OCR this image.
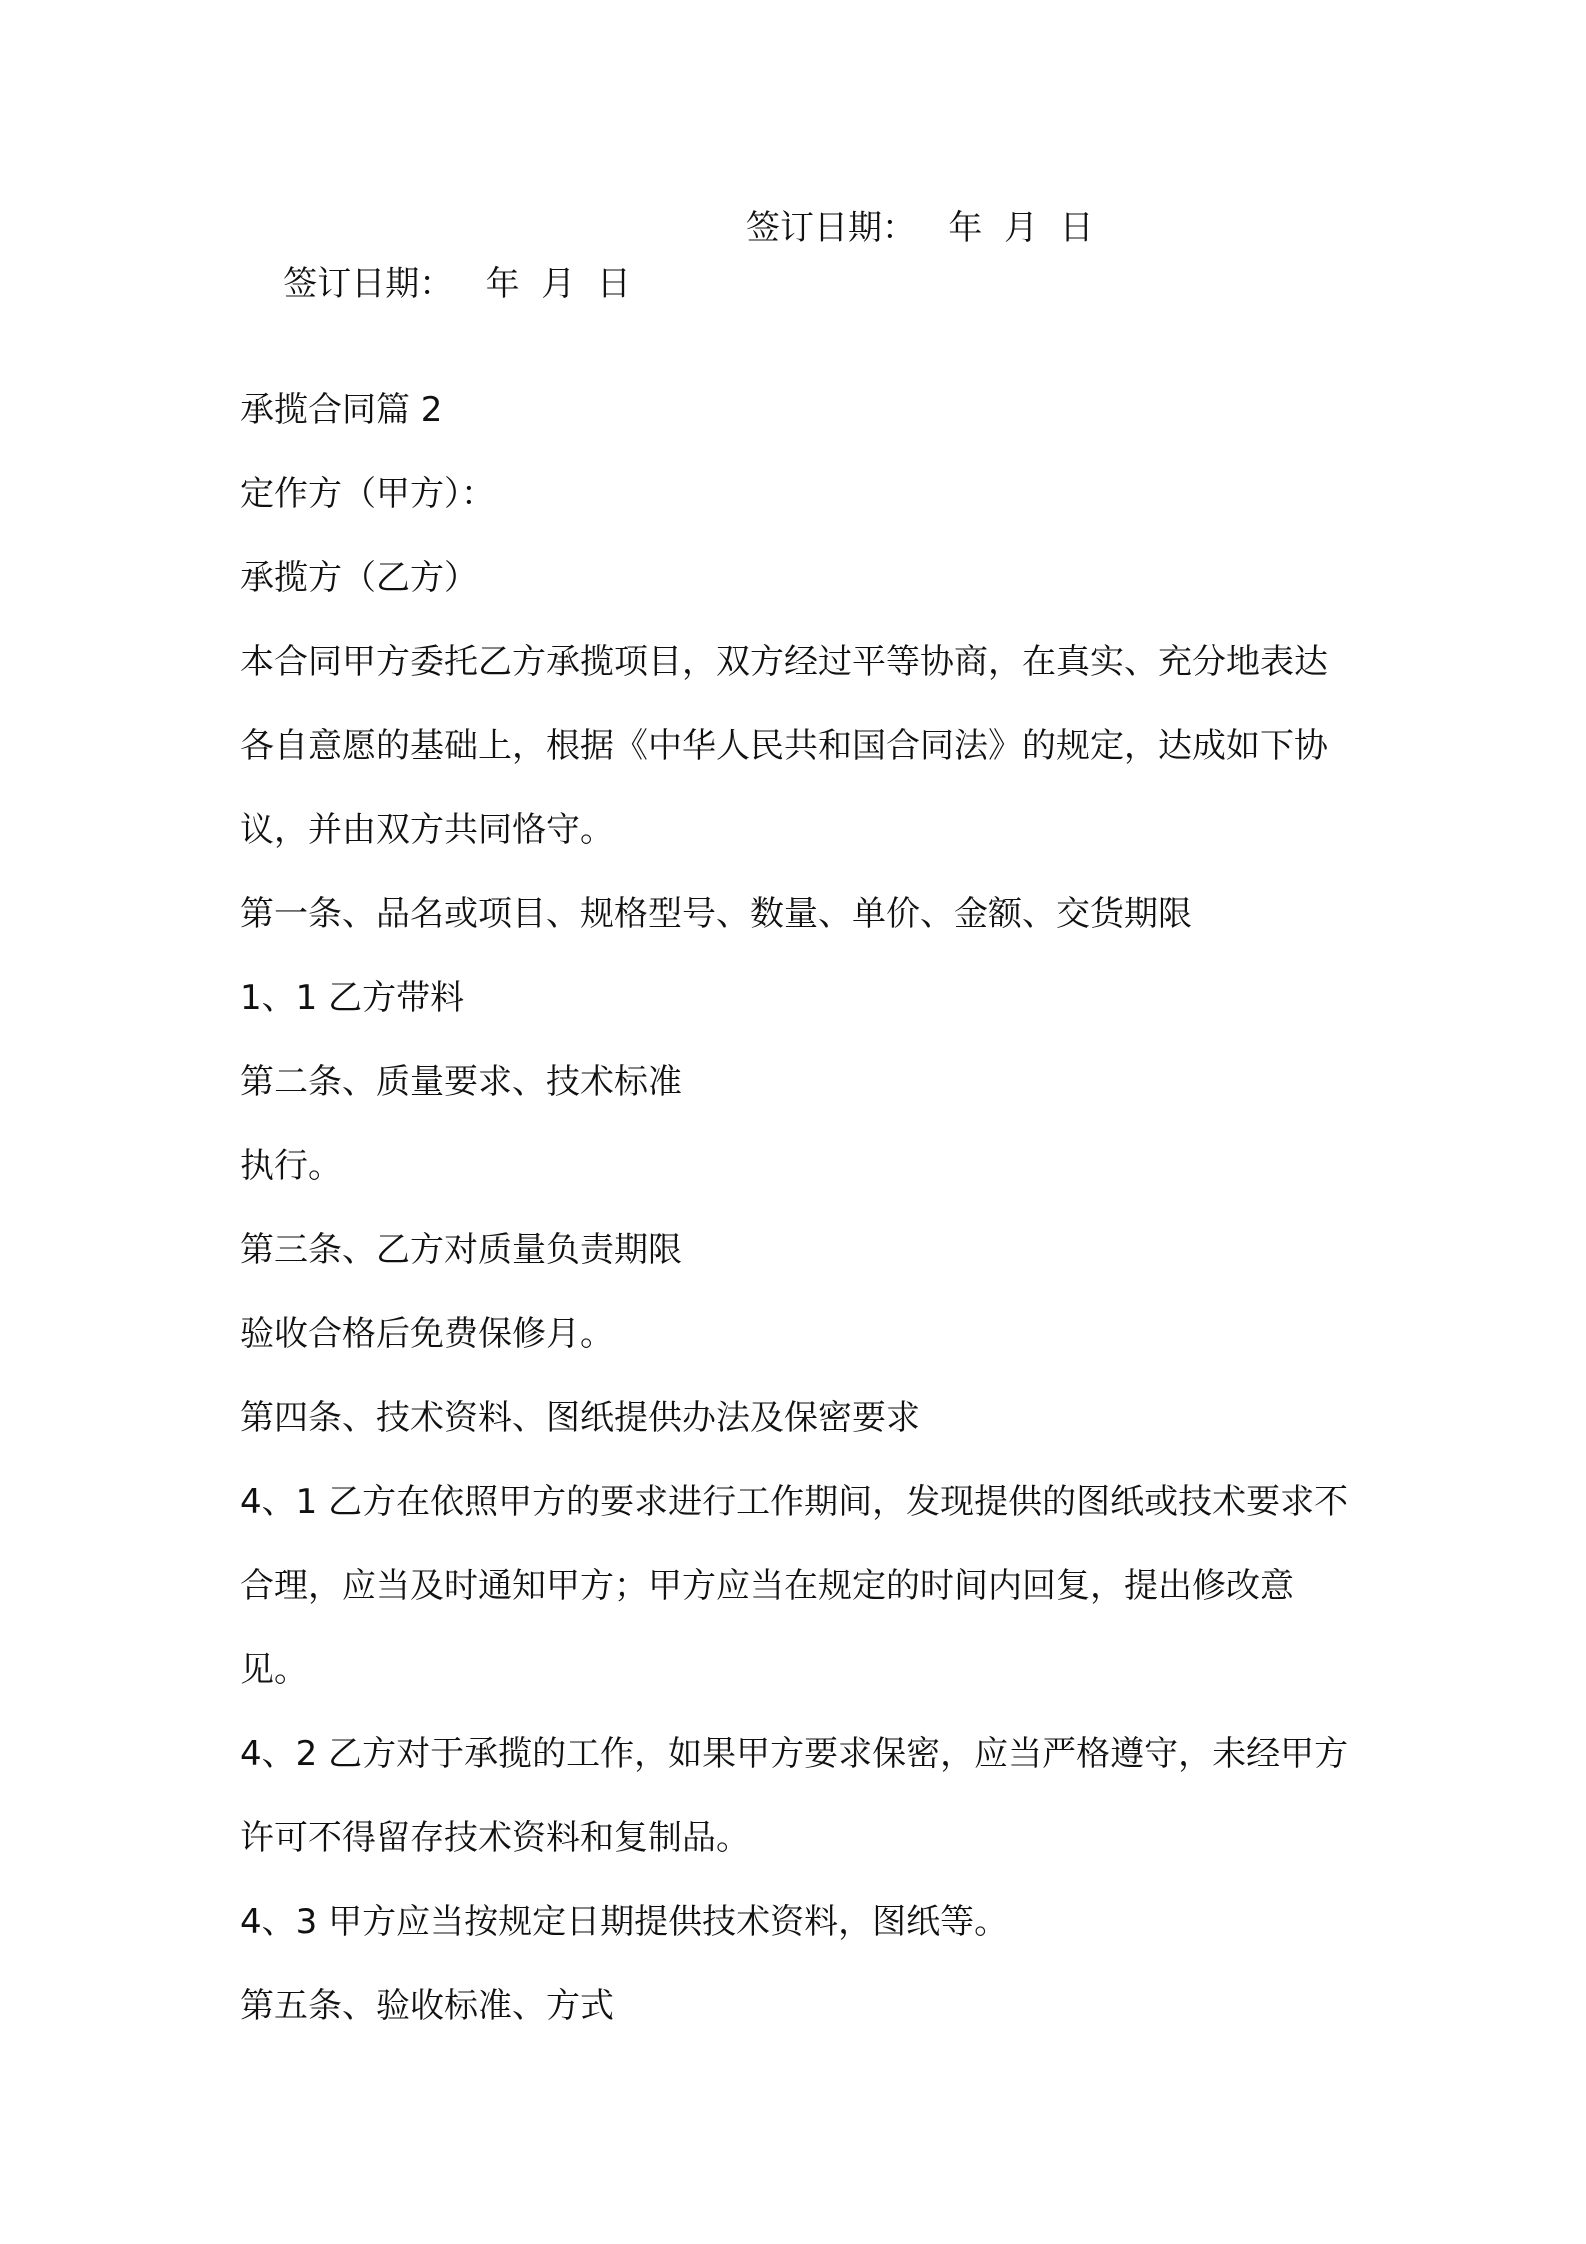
签订日期：   年  月  日

签订日期：   年  月  日

承揽合同篇 2

定作方（甲方）：

承揽方（乙方）

本合同甲方委托乙方承揽项目，双方经过平等协商，在真实、充分地表达各自意愿的基础上，根据《中华人民共和国合同法》的规定，达成如下协议，并由双方共同恪守。

第一条、品名或项目、规格型号、数量、单价、金额、交货期限

1、1 乙方带料

第二条、质量要求、技术标准

执行。

第三条、乙方对质量负责期限

验收合格后免费保修月。

第四条、技术资料、图纸提供办法及保密要求

4、1 乙方在依照甲方的要求进行工作期间，发现提供的图纸或技术要求不合理，应当及时通知甲方；甲方应当在规定的时间内回复，提出修改意见。

4、2 乙方对于承揽的工作，如果甲方要求保密，应当严格遵守，未经甲方许可不得留存技术资料和复制品。

4、3 甲方应当按规定日期提供技术资料，图纸等。

第五条、验收标准、方式
